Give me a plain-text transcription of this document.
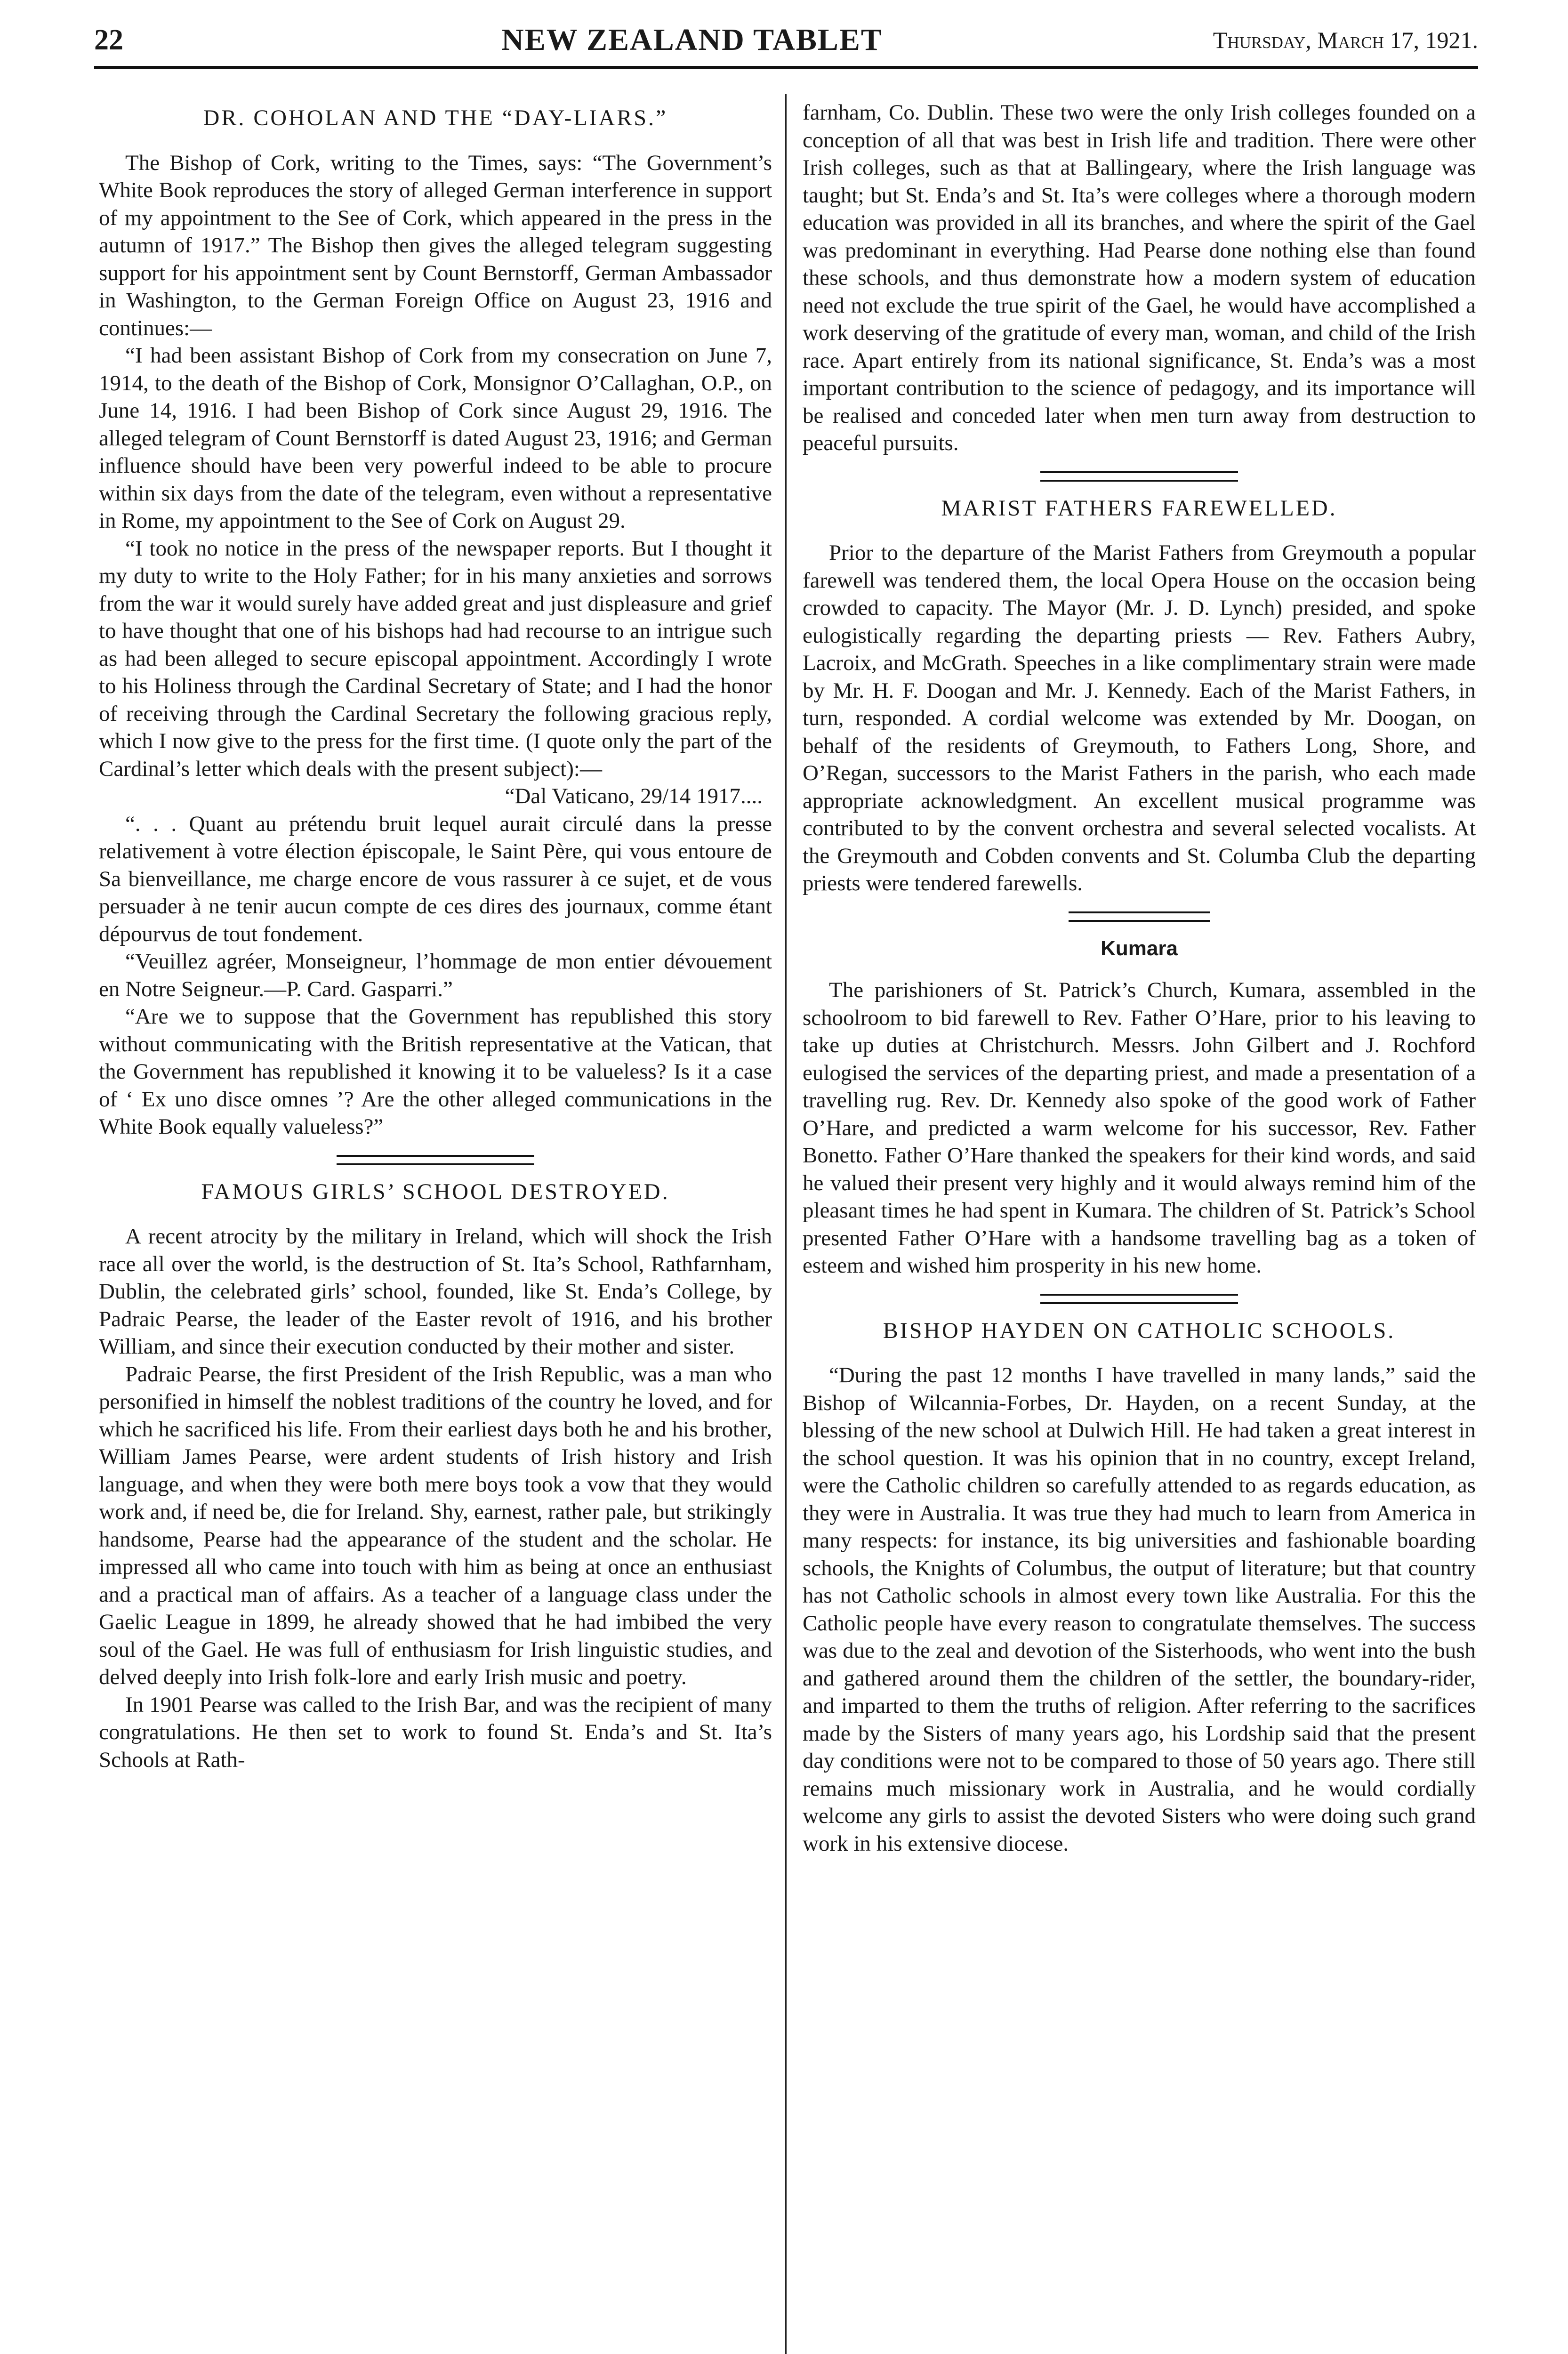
22	NEW ZEALAND TABLET	Thursday, March 17, 1921.
DR. COHOLAN AND THE “DAY-LIARS.”

The Bishop of Cork, writing to the Times, says: “The Government’s White Book reproduces the story of alleged German interference in support of my appointment to the See of Cork, which appeared in the press in the autumn of 1917.” The Bishop then gives the alleged telegram suggesting support for his appointment sent by Count Bernstorff, German Ambassador in Washington, to the German Foreign Office on August 23, 1916 and continues:—

“I had been assistant Bishop of Cork from my consecration on June 7, 1914, to the death of the Bishop of Cork, Monsignor O’Callaghan, O.P., on June 14, 1916. I had been Bishop of Cork since August 29, 1916. The alleged telegram of Count Bernstorff is dated August 23, 1916; and German influence should have been very powerful indeed to be able to procure within six days from the date of the telegram, even without a representative in Rome, my appointment to the See of Cork on August 29.

“I took no notice in the press of the newspaper reports. But I thought it my duty to write to the Holy Father; for in his many anxieties and sorrows from the war it would surely have added great and just displeasure and grief to have thought that one of his bishops had had recourse to an intrigue such as had been alleged to secure episcopal appointment. Accordingly I wrote to his Holiness through the Cardinal Secretary of State; and I had the honor of receiving through the Cardinal Secretary the following gracious reply, which I now give to the press for the first time. (I quote only the part of the Cardinal’s letter which deals with the present subject):—

“Dal Vaticano, 29/14 1917....

“. . . Quant au prétendu bruit lequel aurait circulé dans la presse relativement à votre élection épiscopale, le Saint Père, qui vous entoure de Sa bienveillance, me charge encore de vous rassurer à ce sujet, et de vous persuader à ne tenir aucun compte de ces dires des journaux, comme étant dépourvus de tout fondement.

“Veuillez agréer, Monseigneur, l’hommage de mon entier dévouement en Notre Seigneur.—P. Card. Gasparri.”

“Are we to suppose that the Government has republished this story without communicating with the British representative at the Vatican, that the Government has republished it knowing it to be valueless? Is it a case of ‘ Ex uno disce omnes ’? Are the other alleged communications in the White Book equally valueless?”

FAMOUS GIRLS’ SCHOOL DESTROYED.

A recent atrocity by the military in Ireland, which will shock the Irish race all over the world, is the destruction of St. Ita’s School, Rathfarnham, Dublin, the celebrated girls’ school, founded, like St. Enda’s College, by Padraic Pearse, the leader of the Easter revolt of 1916, and his brother William, and since their execution conducted by their mother and sister.

Padraic Pearse, the first President of the Irish Republic, was a man who personified in himself the noblest traditions of the country he loved, and for which he sacrificed his life. From their earliest days both he and his brother, William James Pearse, were ardent students of Irish history and Irish language, and when they were both mere boys took a vow that they would work and, if need be, die for Ireland. Shy, earnest, rather pale, but strikingly handsome, Pearse had the appearance of the student and the scholar. He impressed all who came into touch with him as being at once an enthusiast and a practical man of affairs. As a teacher of a language class under the Gaelic League in 1899, he already showed that he had imbibed the very soul of the Gael. He was full of enthusiasm for Irish linguistic studies, and delved deeply into Irish folk-lore and early Irish music and poetry.

In 1901 Pearse was called to the Irish Bar, and was the recipient of many congratulations. He then set to work to found St. Enda’s and St. Ita’s Schools at Rath-

farnham, Co. Dublin. These two were the only Irish colleges founded on a conception of all that was best in Irish life and tradition. There were other Irish colleges, such as that at Ballingeary, where the Irish language was taught; but St. Enda’s and St. Ita’s were colleges where a thorough modern education was provided in all its branches, and where the spirit of the Gael was predominant in everything. Had Pearse done nothing else than found these schools, and thus demonstrate how a modern system of education need not exclude the true spirit of the Gael, he would have accomplished a work deserving of the gratitude of every man, woman, and child of the Irish race. Apart entirely from its national significance, St. Enda’s was a most important contribution to the science of pedagogy, and its importance will be realised and conceded later when men turn away from destruction to peaceful pursuits.

MARIST FATHERS FAREWELLED.

Prior to the departure of the Marist Fathers from Greymouth a popular farewell was tendered them, the local Opera House on the occasion being crowded to capacity. The Mayor (Mr. J. D. Lynch) presided, and spoke eulogistically regarding the departing priests — Rev. Fathers Aubry, Lacroix, and McGrath. Speeches in a like complimentary strain were made by Mr. H. F. Doogan and Mr. J. Kennedy. Each of the Marist Fathers, in turn, responded. A cordial welcome was extended by Mr. Doogan, on behalf of the residents of Greymouth, to Fathers Long, Shore, and O’Regan, successors to the Marist Fathers in the parish, who each made appropriate acknowledgment. An excellent musical programme was contributed to by the convent orchestra and several selected vocalists. At the Greymouth and Cobden convents and St. Columba Club the departing priests were tendered farewells.

Kumara

The parishioners of St. Patrick’s Church, Kumara, assembled in the schoolroom to bid farewell to Rev. Father O’Hare, prior to his leaving to take up duties at Christchurch. Messrs. John Gilbert and J. Rochford eulogised the services of the departing priest, and made a presentation of a travelling rug. Rev. Dr. Kennedy also spoke of the good work of Father O’Hare, and predicted a warm welcome for his successor, Rev. Father Bonetto. Father O’Hare thanked the speakers for their kind words, and said he valued their present very highly and it would always remind him of the pleasant times he had spent in Kumara. The children of St. Patrick’s School presented Father O’Hare with a handsome travelling bag as a token of esteem and wished him prosperity in his new home.

BISHOP HAYDEN ON CATHOLIC SCHOOLS.

“During the past 12 months I have travelled in many lands,” said the Bishop of Wilcannia-Forbes, Dr. Hayden, on a recent Sunday, at the blessing of the new school at Dulwich Hill. He had taken a great interest in the school question. It was his opinion that in no country, except Ireland, were the Catholic children so carefully attended to as regards education, as they were in Australia. It was true they had much to learn from America in many respects: for instance, its big universities and fashionable boarding schools, the Knights of Columbus, the output of literature; but that country has not Catholic schools in almost every town like Australia. For this the Catholic people have every reason to congratulate themselves. The success was due to the zeal and devotion of the Sisterhoods, who went into the bush and gathered around them the children of the settler, the boundary-rider, and imparted to them the truths of religion. After referring to the sacrifices made by the Sisters of many years ago, his Lordship said that the present day conditions were not to be compared to those of 50 years ago. There still remains much missionary work in Australia, and he would cordially welcome any girls to assist the devoted Sisters who were doing such grand work in his extensive diocese.
